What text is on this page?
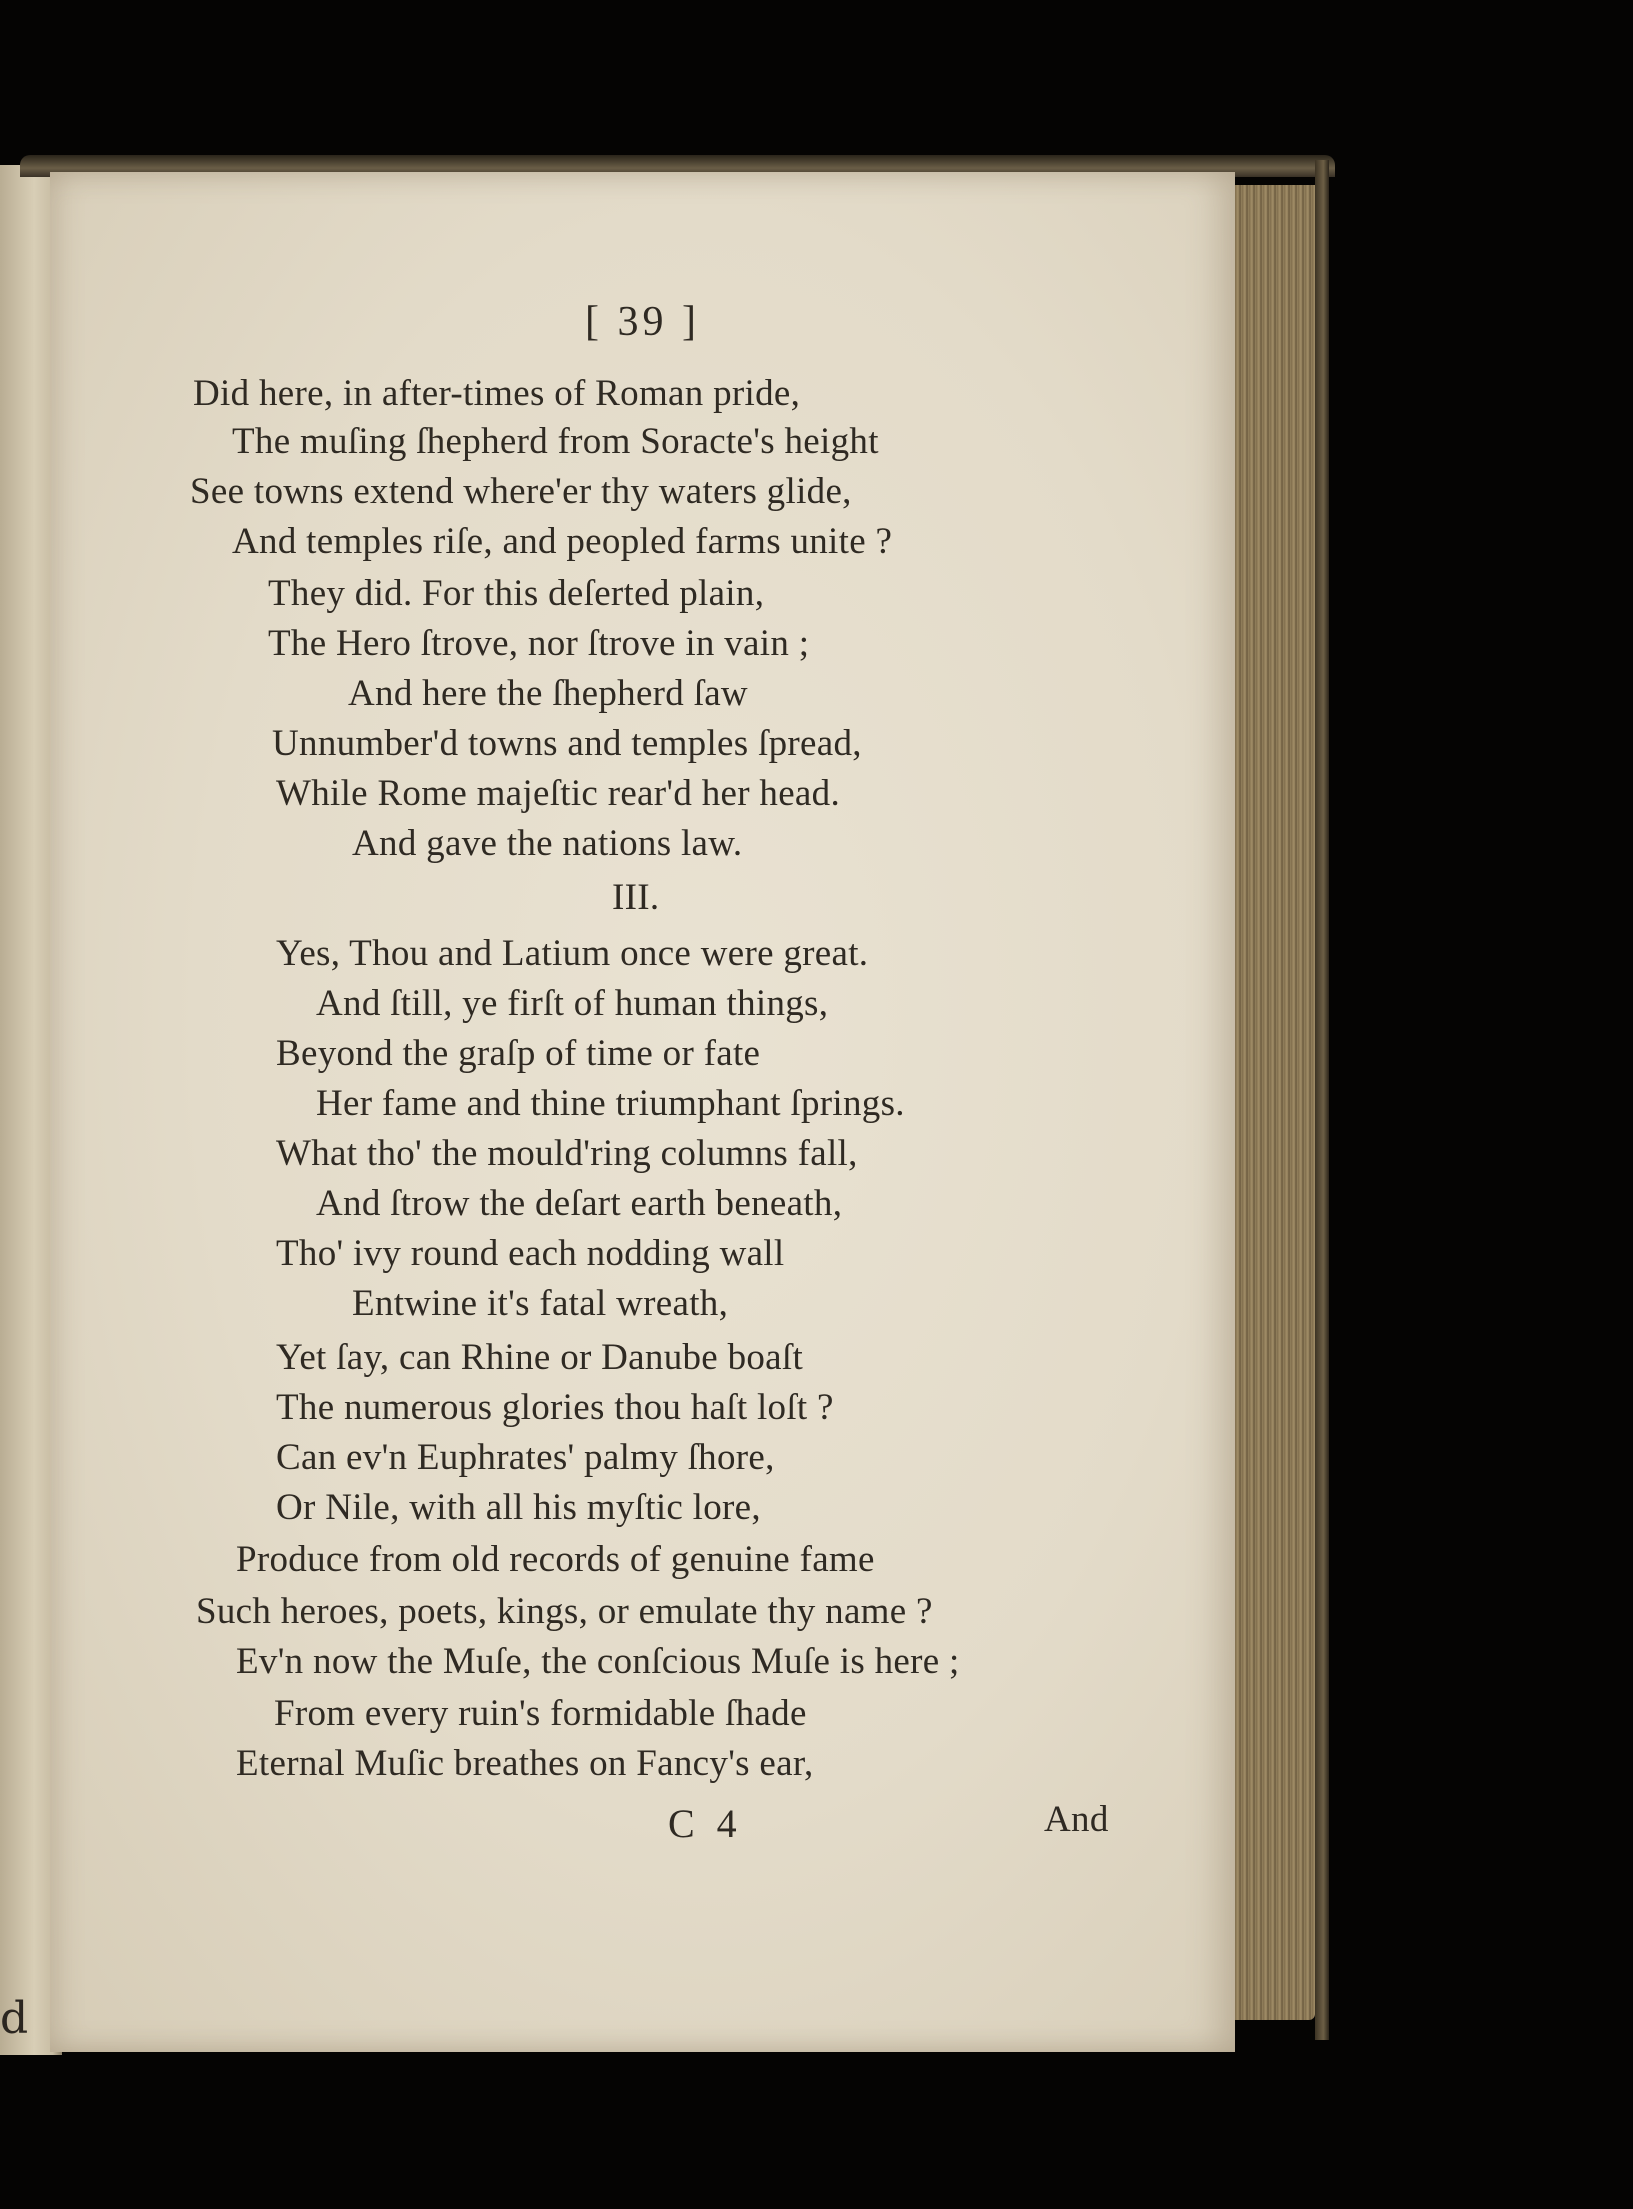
d
[ 39 ]
Did here, in after-times of Roman pride,
The muſing ſhepherd from Soracte's height
See towns extend where'er thy waters glide,
And temples riſe, and peopled farms unite ?
They did. For this deſerted plain,
The Hero ſtrove, nor ſtrove in vain ;
And here the ſhepherd ſaw
Unnumber'd towns and temples ſpread,
While Rome majeſtic rear'd her head.
And gave the nations law.
III.
Yes, Thou and Latium once were great.
And ſtill, ye firſt of human things,
Beyond the graſp of time or fate
Her fame and thine triumphant ſprings.
What tho' the mould'ring columns fall,
And ſtrow the deſart earth beneath,
Tho' ivy round each nodding wall
Entwine it's fatal wreath,
Yet ſay, can Rhine or Danube boaſt
The numerous glories thou haſt loſt ?
Can ev'n Euphrates' palmy ſhore,
Or Nile, with all his myſtic lore,
Produce from old records of genuine fame
Such heroes, poets, kings, or emulate thy name ?
Ev'n now the Muſe, the conſcious Muſe is here ;
From every ruin's formidable ſhade
Eternal Muſic breathes on Fancy's ear,
C 4	And
